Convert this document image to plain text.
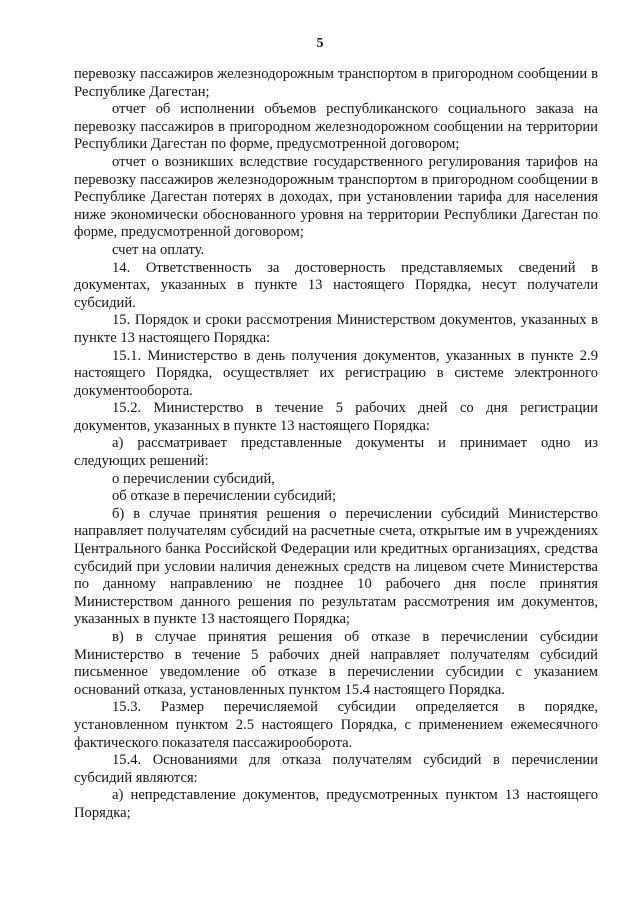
5

перевозку пассажиров железнодорожным транспортом в пригородном сообщении в Республике Дагестан;

отчет об исполнении объемов республиканского социального заказа на перевозку пассажиров в пригородном железнодорожном сообщении на территории Республики Дагестан по форме, предусмотренной договором;

отчет о возникших вследствие государственного регулирования тарифов на перевозку пассажиров железнодорожным транспортом в пригородном сообщении в Республике Дагестан потерях в доходах, при установлении тарифа для населения ниже экономически обоснованного уровня на территории Республики Дагестан по форме, предусмотренной договором;

счет на оплату.

14. Ответственность за достоверность представляемых сведений в документах, указанных в пункте 13 настоящего Порядка, несут получатели субсидий.

15. Порядок и сроки рассмотрения Министерством документов, указанных в пункте 13 настоящего Порядка:

15.1. Министерство в день получения документов, указанных в пункте 2.9 настоящего Порядка, осуществляет их регистрацию в системе электронного документооборота.

15.2. Министерство в течение 5 рабочих дней со дня регистрации документов, указанных в пункте 13 настоящего Порядка:

а) рассматривает представленные документы и принимает одно из следующих решений:

о перечислении субсидий,

об отказе в перечислении субсидий;

б) в случае принятия решения о перечислении субсидий Министерство направляет получателям субсидий на расчетные счета, открытые им в учреждениях Центрального банка Российской Федерации или кредитных организациях, средства субсидий при условии наличия денежных средств на лицевом счете Министерства по данному направлению не позднее 10 рабочего дня после принятия Министерством данного решения по результатам рассмотрения им документов, указанных в пункте 13 настоящего Порядка;

в) в случае принятия решения об отказе в перечислении субсидии Министерство в течение 5 рабочих дней направляет получателям субсидий письменное уведомление об отказе в перечислении субсидии с указанием оснований отказа, установленных пунктом 15.4 настоящего Порядка.

15.3. Размер перечисляемой субсидии определяется в порядке, установленном пунктом 2.5 настоящего Порядка, с применением ежемесячного фактического показателя пассажирооборота.

15.4. Основаниями для отказа получателям субсидий в перечислении субсидий являются:

а) непредставление документов, предусмотренных пунктом 13 настоящего Порядка;
